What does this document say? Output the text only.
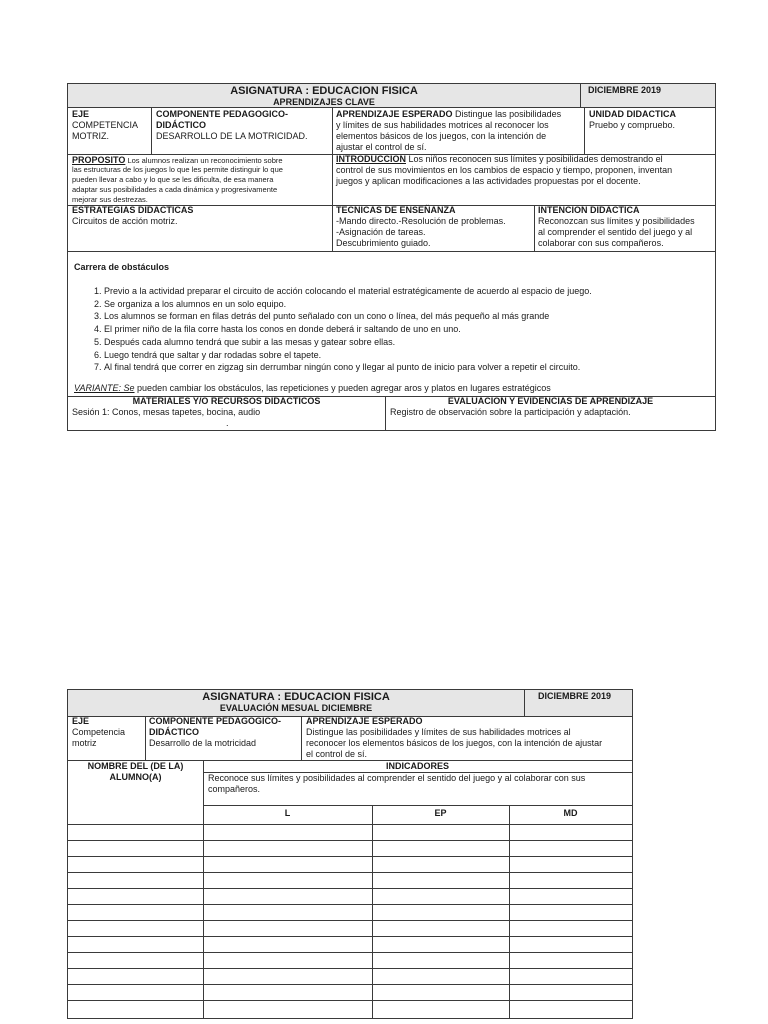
ASIGNATURA : EDUCACION FISICA
APRENDIZAJES CLAVE
DICIEMBRE 2019
EJE
COMPETENCIA
MOTRIZ.
COMPONENTE PEDAGOGICO-
DIDÁCTICO
DESARROLLO DE LA MOTRICIDAD.
APRENDIZAJE ESPERADO Distingue las posibilidades
y límites de sus habilidades motrices al reconocer los
elementos básicos de los juegos, con la intención de
ajustar el control de sí.
UNIDAD DIDACTICA
Pruebo y compruebo.
PROPOSITO Los alumnos realizan un reconocimiento sobre
las estructuras de los juegos lo que les permite distinguir lo que
pueden llevar a cabo y lo que se les dificulta, de esa manera
adaptar sus posibilidades a cada dinámica y progresivamente
mejorar sus destrezas.
INTRODUCCION Los niños reconocen sus límites y posibilidades demostrando el
control de sus movimientos en los cambios de espacio y tiempo, proponen, inventan
juegos y aplican modificaciones a las actividades propuestas por el docente.
ESTRATEGIAS DIDACTICAS
Circuitos de acción motriz.
TECNICAS DE ENSEÑANZA
-Mando directo.-Resolución de problemas.
-Asignación de tareas.
Descubrimiento guiado.
INTENCION DIDACTICA
Reconozcan sus límites y posibilidades
al comprender el sentido del juego y al
colaborar con sus compañeros.
Carrera de obstáculos
1. Previo a la actividad preparar el circuito de acción colocando el material estratégicamente de acuerdo al espacio de juego.
2. Se organiza a los alumnos en un solo equipo.
3. Los alumnos se forman en filas detrás del punto señalado con un cono o línea, del más pequeño al más grande
4. El primer niño de la fila corre hasta los conos en donde deberá ir saltando de uno en uno.
5. Después cada alumno tendrá que subir a las mesas y gatear sobre ellas.
6. Luego tendrá que saltar y dar rodadas sobre el tapete.
7. Al final tendrá que correr en zigzag sin derrumbar ningún cono y llegar al punto de inicio para volver a repetir el circuito.
VARIANTE: Se pueden cambiar los obstáculos, las repeticiones y pueden agregar aros y platos en lugares estratégicos
MATERIALES Y/O RECURSOS DIDACTICOS
Sesión 1: Conos, mesas tapetes, bocina, audio
.
EVALUACION Y EVIDENCIAS DE APRENDIZAJE
Registro de observación sobre la participación y adaptación.
ASIGNATURA : EDUCACION FISICA
EVALUACIÓN MESUAL DICIEMBRE
DICIEMBRE 2019
EJE
Competencia
motriz
COMPONENTE PEDAGOGICO-
DIDÁCTICO
Desarrollo de la motricidad
APRENDIZAJE ESPERADO
Distingue las posibilidades y límites de sus habilidades motrices al
reconocer los elementos básicos de los juegos, con la intención de ajustar
el control de sí.
NOMBRE DEL (DE LA)
ALUMNO(A)
INDICADORES
Reconoce sus límites y posibilidades al comprender el sentido del juego y al colaborar con sus
compañeros.
L	EP	MD
